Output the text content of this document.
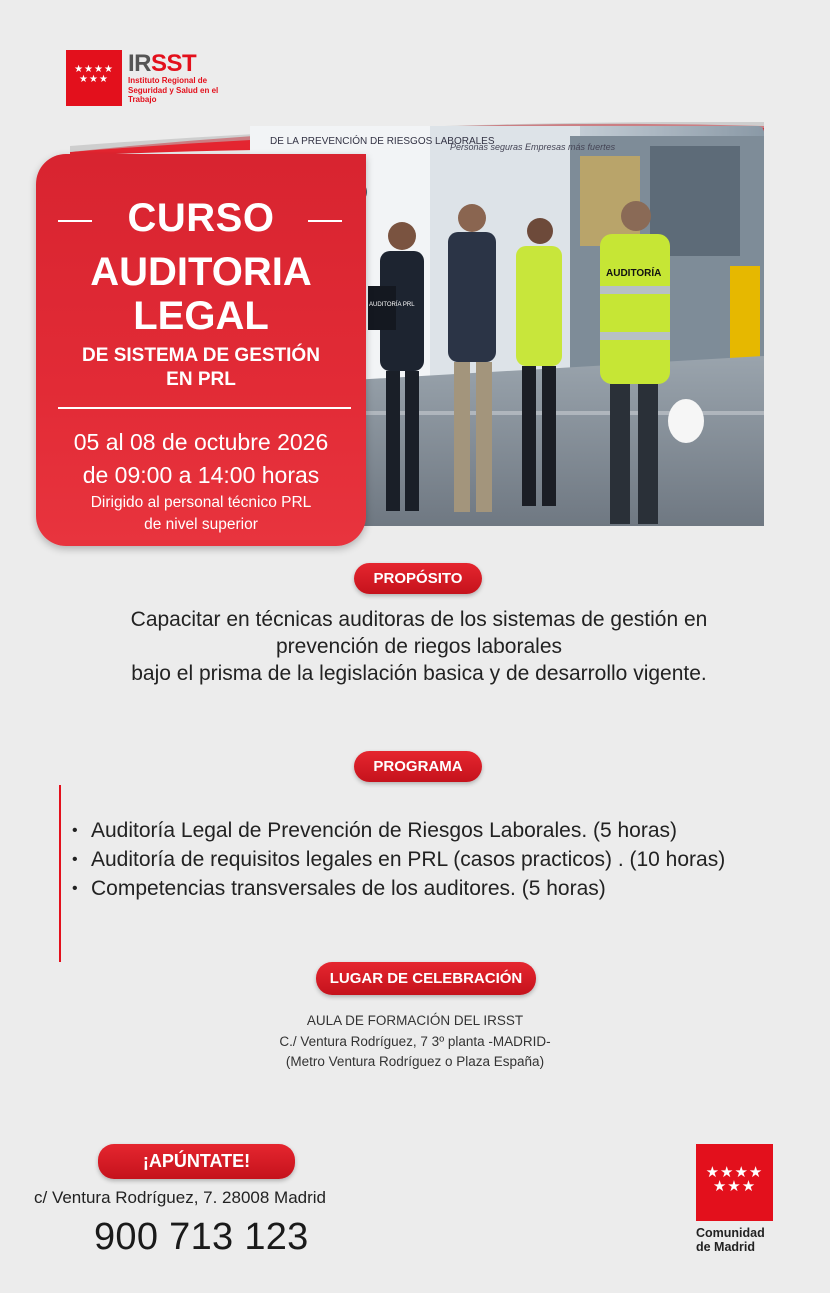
★★★★ ★★★
IRSST
Instituto Regional de Seguridad y Salud en el Trabajo
DE LA PREVENCIÓN DE RIESGOS LABORALES
Personas seguras Empresas más fuertes
AUDITORÍA PRL
AUDITORÍA
CURSO
AUDITORIA
LEGAL
DE SISTEMA DE GESTIÓN
EN PRL
05 al 08 de octubre 2026
de 09:00 a 14:00 horas
Dirigido al personal técnico PRL
de nivel superior
PROPÓSITO
Capacitar en técnicas auditoras de los sistemas de gestión en
prevención de riegos laborales
bajo el prisma de la legislación basica y de desarrollo vigente.
PROGRAMA
• Auditoría Legal de Prevención de Riesgos Laborales. (5 horas)
• Auditoría de requisitos legales en PRL (casos practicos) . (10 horas)
• Competencias transversales de los auditores. (5 horas)
LUGAR DE CELEBRACIÓN
AULA DE FORMACIÓN DEL IRSST
C./ Ventura Rodríguez, 7 3º planta -MADRID-
(Metro Ventura Rodríguez o Plaza España)
¡APÚNTATE!
c/ Ventura Rodríguez, 7. 28008 Madrid
900 713 123
★★★★
★★★
Comunidad
de Madrid
